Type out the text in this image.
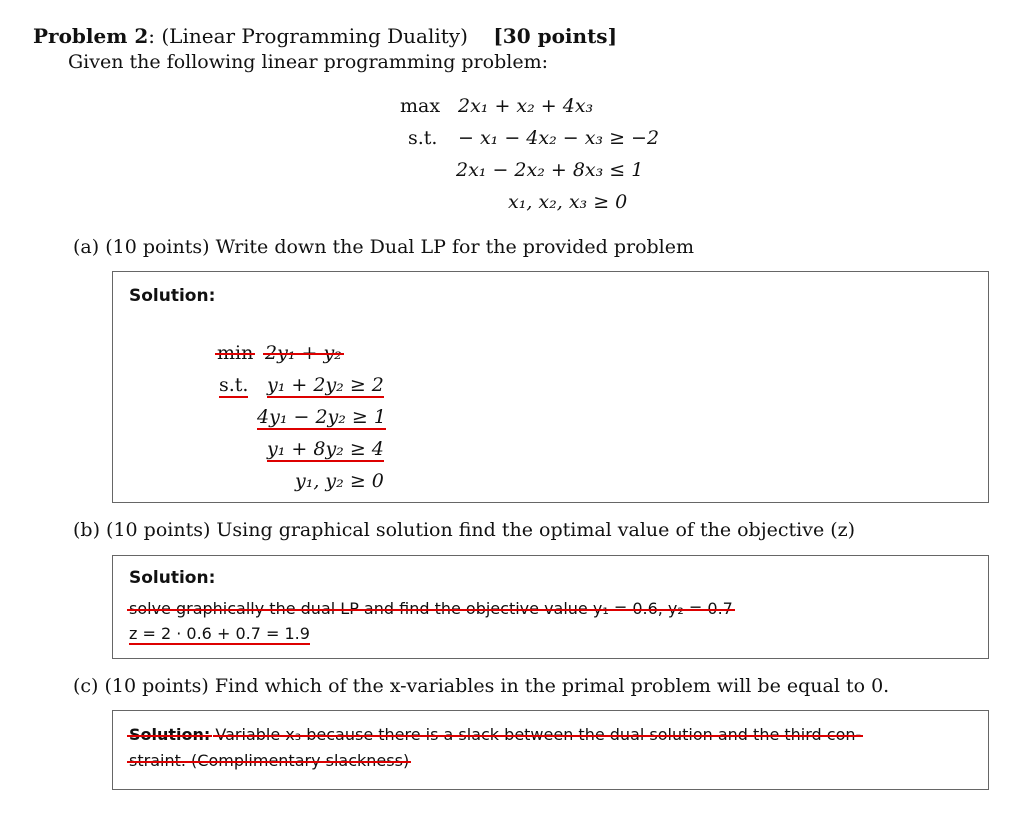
Problem 2: (Linear Programming Duality) [30 points]
Given the following linear programming problem:
max 2x₁ + x₂ + 4x₃
s.t. − x₁ − 4x₂ − x₃ ≥ −2
2x₁ − 2x₂ + 8x₃ ≤ 1
x₁, x₂, x₃ ≥ 0
(a) (10 points) Write down the Dual LP for the provided problem
Solution:
min 2y₁ + y₂
s.t. y₁ + 2y₂ ≥ 2
4y₁ − 2y₂ ≥ 1
y₁ + 8y₂ ≥ 4
y₁, y₂ ≥ 0
(b) (10 points) Using graphical solution find the optimal value of the objective (z)
Solution:
solve graphically the dual LP and find the objective value y₁ = 0.6, y₂ = 0.7
z = 2 · 0.6 + 0.7 = 1.9
(c) (10 points) Find which of the x-variables in the primal problem will be equal to 0.
Solution: Variable x₃ because there is a slack between the dual solution and the third con-
straint. (Complimentary slackness)
